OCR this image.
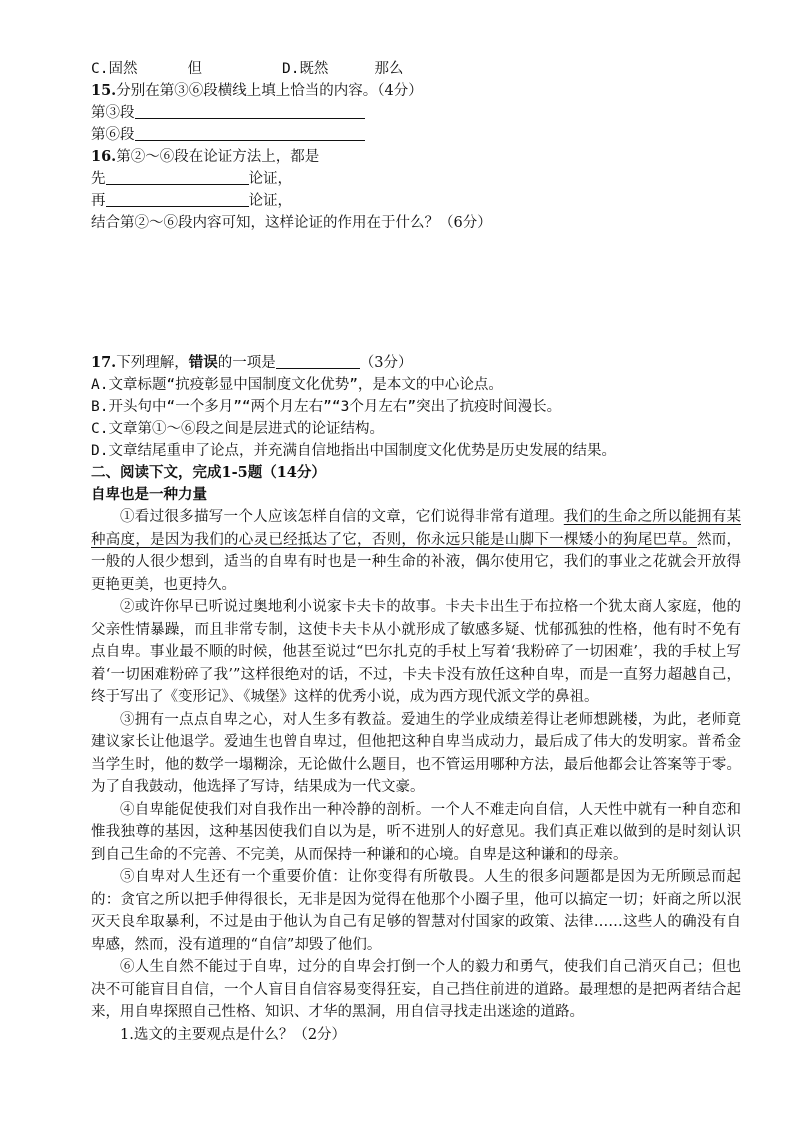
C.固然	但	D.既然	那么
15.分别在第③⑥段横线上填上恰当的内容。（4分）
第③段
第⑥段
16.第②～⑥段在论证方法上，都是
先	论证，
再	论证，
结合第②～⑥段内容可知，这样论证的作用在于什么？（6分）
17.下列理解，错误的一项是	（3分）
A.文章标题“抗疫彰显中国制度文化优势”，是本文的中心论点。
B.开头句中“一个多月”“两个月左右”“3个月左右”突出了抗疫时间漫长。
C.文章第①～⑥段之间是层进式的论证结构。
D.文章结尾重申了论点，并充满自信地指出中国制度文化优势是历史发展的结果。
二、阅读下文，完成1-5题（14分）
自卑也是一种力量
①看过很多描写一个人应该怎样自信的文章，它们说得非常有道理。我们的生命之所以能拥有某种高度，是因为我们的心灵已经抵达了它，否则，你永远只能是山脚下一棵矮小的狗尾巴草。然而，一般的人很少想到，适当的自卑有时也是一种生命的补液，偶尔使用它，我们的事业之花就会开放得更艳更美，也更持久。
②或许你早已听说过奥地利小说家卡夫卡的故事。卡夫卡出生于布拉格一个犹太商人家庭，他的父亲性情暴躁，而且非常专制，这使卡夫卡从小就形成了敏感多疑、忧郁孤独的性格，他有时不免有点自卑。事业最不顺的时候，他甚至说过“巴尔扎克的手杖上写着‘我粉碎了一切困难’，我的手杖上写着‘一切困难粉碎了我’”这样很绝对的话，不过，卡夫卡没有放任这种自卑，而是一直努力超越自己，终于写出了《变形记》、《城堡》这样的优秀小说，成为西方现代派文学的鼻祖。
③拥有一点点自卑之心，对人生多有教益。爱迪生的学业成绩差得让老师想跳楼，为此，老师竟建议家长让他退学。爱迪生也曾自卑过，但他把这种自卑当成动力，最后成了伟大的发明家。普希金当学生时，他的数学一塌糊涂，无论做什么题目，也不管运用哪种方法，最后他都会让答案等于零。为了自我鼓动，他选择了写诗，结果成为一代文豪。
④自卑能促使我们对自我作出一种冷静的剖析。一个人不难走向自信，人天性中就有一种自恋和惟我独尊的基因，这种基因使我们自以为是，听不进别人的好意见。我们真正难以做到的是时刻认识到自己生命的不完善、不完美，从而保持一种谦和的心境。自卑是这种谦和的母亲。
⑤自卑对人生还有一个重要价值：让你变得有所敬畏。人生的很多问题都是因为无所顾忌而起的：贪官之所以把手伸得很长，无非是因为觉得在他那个小圈子里，他可以搞定一切；奸商之所以泯灭天良牟取暴利，不过是由于他认为自己有足够的智慧对付国家的政策、法律……这些人的确没有自卑感，然而，没有道理的“自信”却毁了他们。
⑥人生自然不能过于自卑，过分的自卑会打倒一个人的毅力和勇气，使我们自己消灭自己；但也决不可能盲目自信，一个人盲目自信容易变得狂妄，自己挡住前进的道路。最理想的是把两者结合起来，用自卑探照自己性格、知识、才华的黑洞，用自信寻找走出迷途的道路。
1.选文的主要观点是什么？（2分）
